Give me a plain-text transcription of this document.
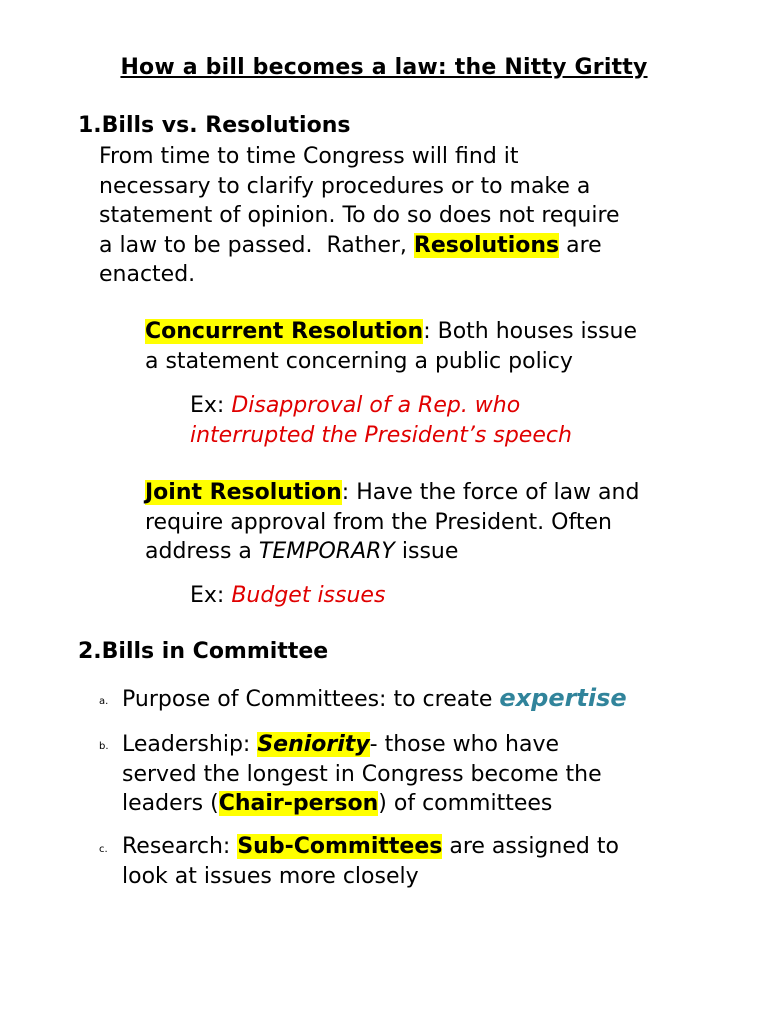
How a bill becomes a law: the Nitty Gritty
1.Bills vs. Resolutions
From time to time Congress will find it
necessary to clarify procedures or to make a
statement of opinion. To do so does not require
a law to be passed.  Rather, Resolutions are
enacted.
Concurrent Resolution: Both houses issue
a statement concerning a public policy
Ex: Disapproval of a Rep. who
interrupted the President’s speech
Joint Resolution: Have the force of law and
require approval from the President. Often
address a TEMPORARY issue
Ex: Budget issues
2.Bills in Committee
a. Purpose of Committees: to create expertise
b. Leadership: Seniority- those who have
served the longest in Congress become the
leaders (Chair-person) of committees
c. Research: Sub-Committees are assigned to
look at issues more closely
